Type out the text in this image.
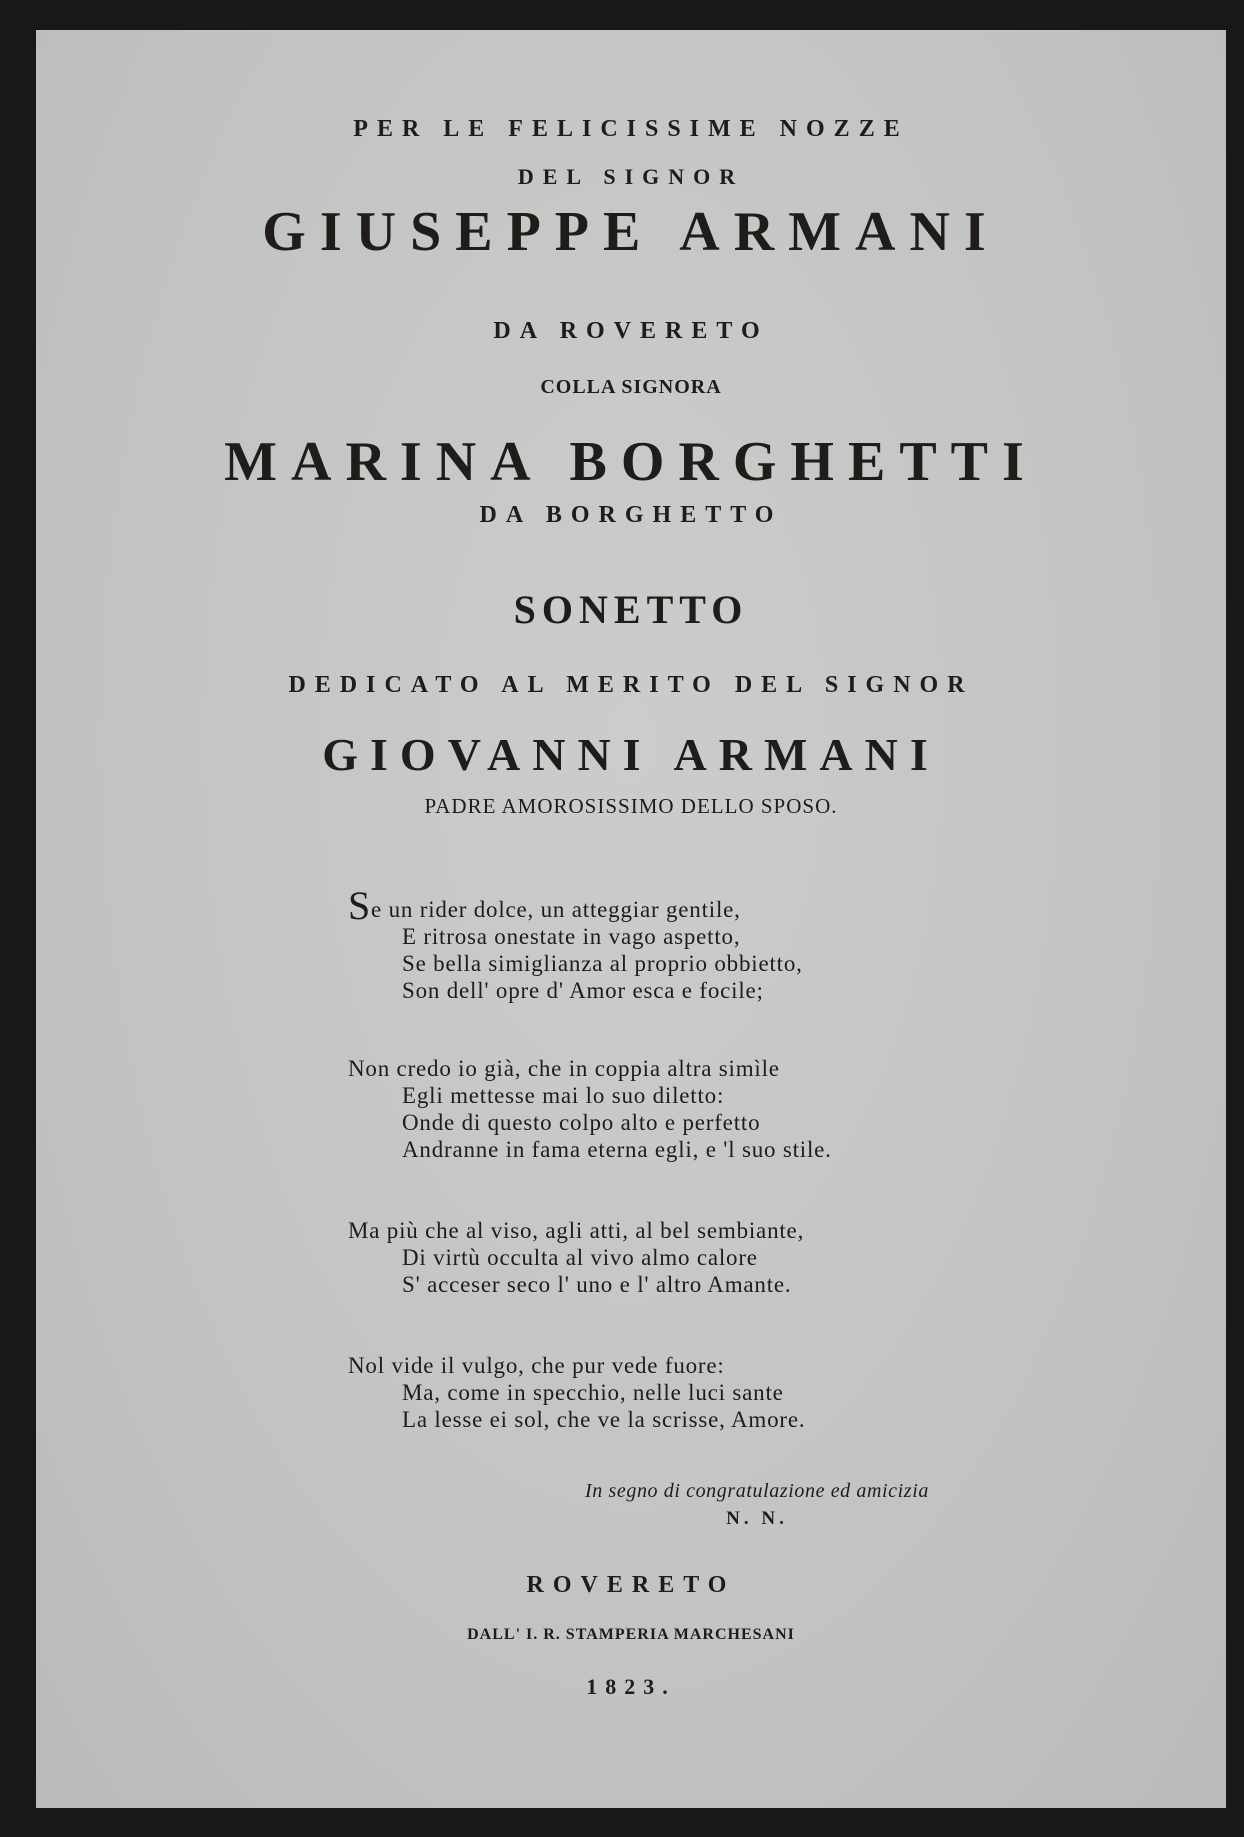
PER LE FELICISSIME NOZZE

DEL SIGNOR

GIUSEPPE ARMANI

DA ROVERETO

COLLA SIGNORA

MARINA BORGHETTI

DA BORGHETTO

SONETTO

DEDICATO AL MERITO DEL SIGNOR

GIOVANNI ARMANI

PADRE AMOROSISSIMO DELLO SPOSO.

Se un rider dolce, un atteggiar gentile,
E ritrosa onestate in vago aspetto,
Se bella simiglianza al proprio obbietto,
Son dell' opre d' Amor esca e focile;
Non credo io già, che in coppia altra simìle
Egli mettesse mai lo suo diletto:
Onde di questo colpo alto e perfetto
Andranne in fama eterna egli, e 'l suo stile.
Ma più che al viso, agli atti, al bel sembiante,
Di virtù occulta al vivo almo calore
S' acceser seco l' uno e l' altro Amante.
Nol vide il vulgo, che pur vede fuore:
Ma, come in specchio, nelle luci sante
La lesse ei sol, che ve la scrisse, Amore.

In segno di congratulazione ed amicizia

N. N.

ROVERETO

DALL' I. R. STAMPERIA MARCHESANI

1823.
